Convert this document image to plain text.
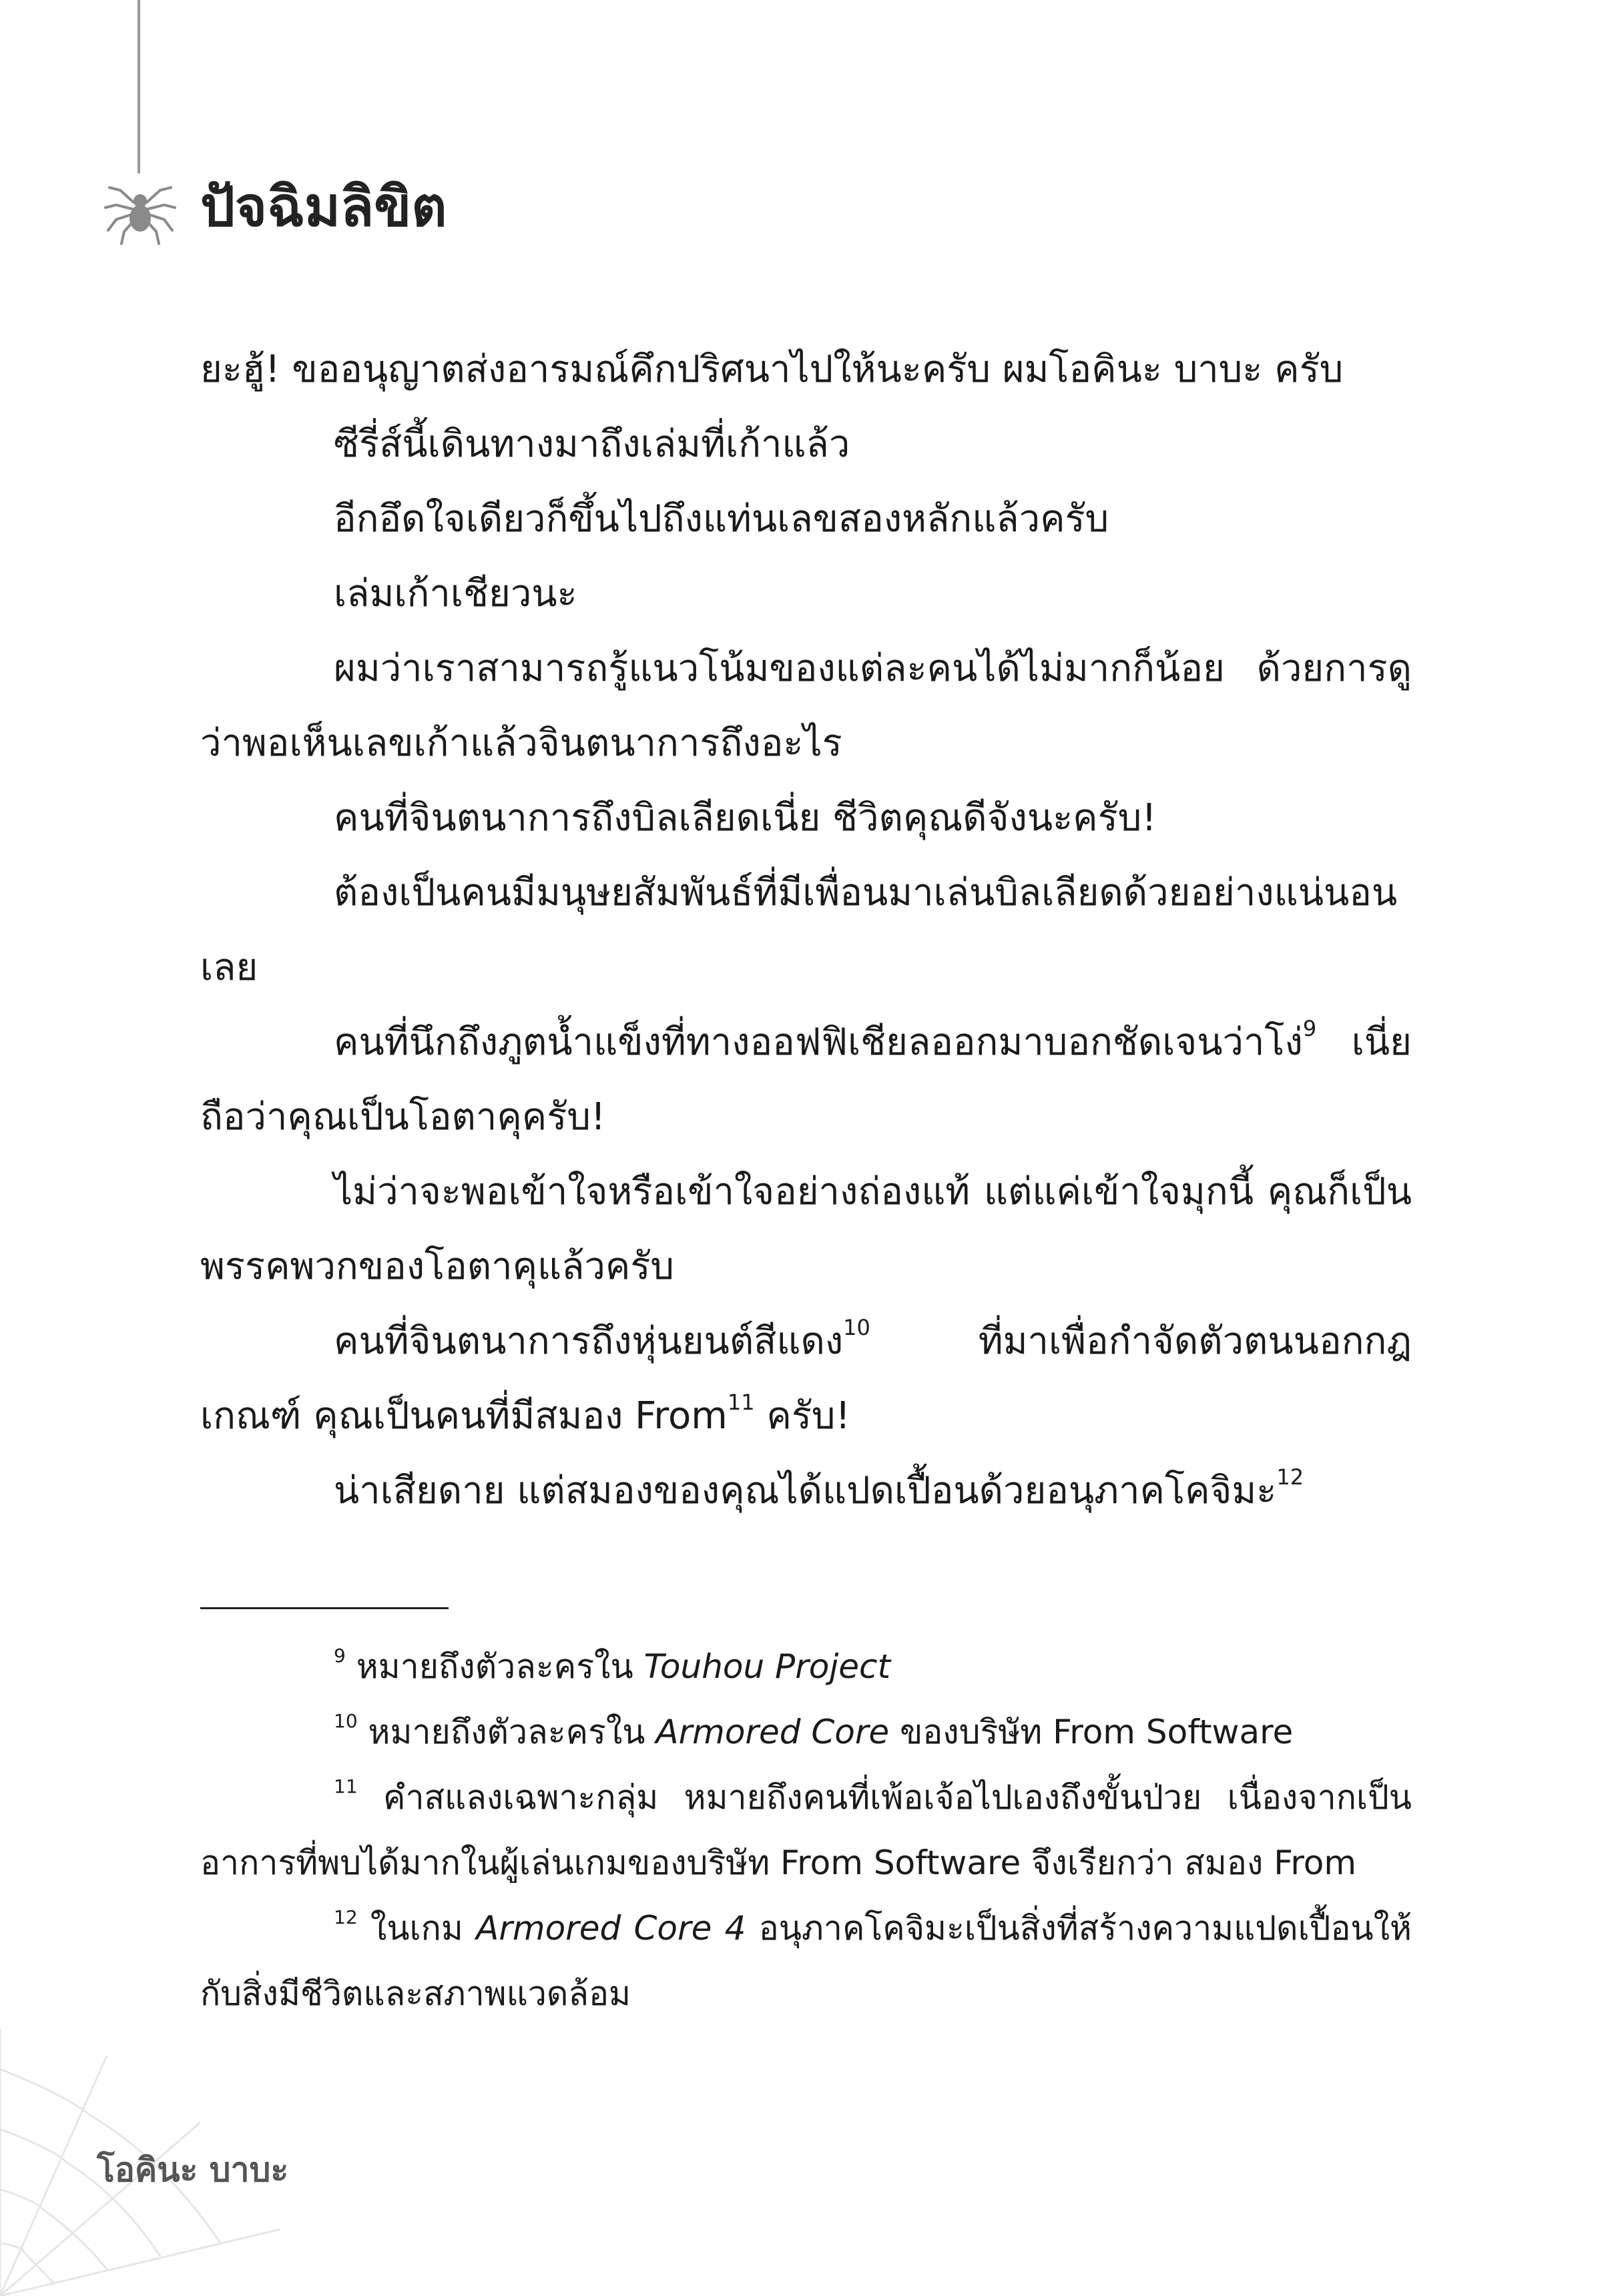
ปัจฉิมลิขิต

ยะฮู้! ขออนุญาตส่งอารมณ์คึกปริศนาไปให้นะครับ ผมโอคินะ บาบะ ครับ

ซีรี่ส์นี้เดินทางมาถึงเล่มที่เก้าแล้ว

อีกอึดใจเดียวก็ขึ้นไปถึงแท่นเลขสองหลักแล้วครับ

เล่มเก้าเชียวนะ

ผมว่าเราสามารถรู้แนวโน้มของแต่ละคนได้ไม่มากก็น้อย ด้วยการดูว่าพอเห็นเลขเก้าแล้วจินตนาการถึงอะไร

คนที่จินตนาการถึงบิลเลียดเนี่ย ชีวิตคุณดีจังนะครับ!

ต้องเป็นคนมีมนุษยสัมพันธ์ที่มีเพื่อนมาเล่นบิลเลียดด้วยอย่างแน่นอนเลย

คนที่นึกถึงภูตน้ำแข็งที่ทางออฟฟิเชียลออกมาบอกชัดเจนว่าโง่$^9$ เนี่ย ถือว่าคุณเป็นโอตาคุครับ!

ไม่ว่าจะพอเข้าใจหรือเข้าใจอย่างถ่องแท้ แต่แค่เข้าใจมุกนี้ คุณก็เป็นพรรคพวกของโอตาคุแล้วครับ

คนที่จินตนาการถึงหุ่นยนต์สีแดง$^{10}$ ที่มาเพื่อกำจัดตัวตนนอกกฎเกณฑ์ คุณเป็นคนที่มีสมอง From$^{11}$ ครับ!

น่าเสียดาย แต่สมองของคุณได้แปดเปื้อนด้วยอนุภาคโคจิมะ$^{12}$

$^9$ หมายถึงตัวละครใน Touhou Project

$^{10}$ หมายถึงตัวละครใน Armored Core ของบริษัท From Software

$^{11}$ คำสแลงเฉพาะกลุ่ม หมายถึงคนที่เพ้อเจ้อไปเองถึงขั้นป่วย เนื่องจากเป็นอาการที่พบได้มากในผู้เล่นเกมของบริษัท From Software จึงเรียกว่า สมอง From

$^{12}$ ในเกม Armored Core 4 อนุภาคโคจิมะเป็นสิ่งที่สร้างความแปดเปื้อนให้กับสิ่งมีชีวิตและสภาพแวดล้อม

โอคินะ บาบะ
